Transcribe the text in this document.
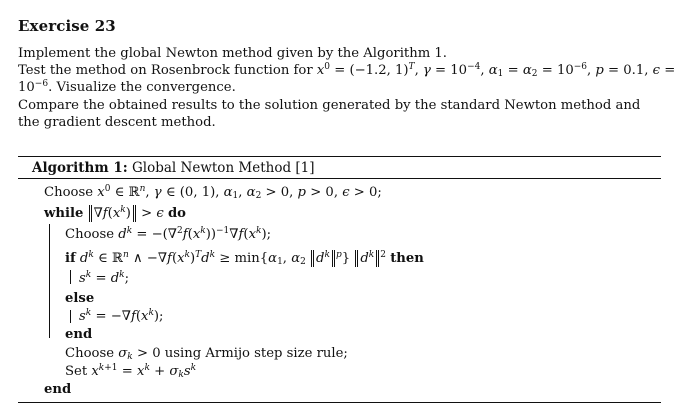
Exercise 23
Implement the global Newton method given by the Algorithm 1.
Test the method on Rosenbrock function for $x^0 = (-1.2$, 1)$^T$, $\gamma = 10^{-4}$, $\alpha_1 = \alpha_2 = 10^{-6}$, p = 0.1, ϵ =
$10^{-6}$. Visualize the convergence.
Compare the obtained results to the solution generated by the standard Newton method and the gradient descent method.
Algorithm 1: Global Newton Method [1]
Choose $x^0$ ∈ ℝ$^n$, γ ∈ (0, 1), $\alpha_1$, $\alpha_2 > 0$, p > 0, ϵ > 0;
while $\nabla f(x^k) > \epsilon$ do
Choose $d^k = -(\nabla^2f(x^k))^{-1}\nabla f(x^k)$;
if $d^k$ ∈ ℝ$^n$ ∧ $-\nabla f(x^k)^Td^k \ge \min\{\alpha_1$, $\alpha_2$ $d^k$ $^p$} $d^k$ $^2$ then
$s^k = d^k$;
else
$s^k = -\nabla f(x^k)$;
end
Choose $\sigma_k > 0$ using Armijo step size rule;
Set $x^{k+1} = x^k + \sigma_ks^k$
end
